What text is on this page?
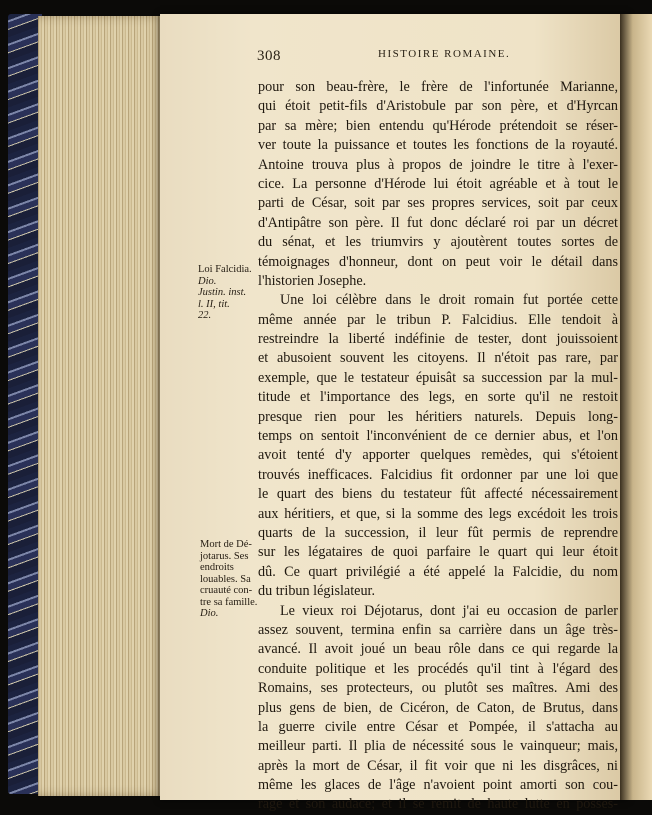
308	HISTOIRE ROMAINE.
pour son beau-frère, le frère de l'infortunée Marianne,
qui étoit petit-fils d'Aristobule par son père, et d'Hyrcan
par sa mère; bien entendu qu'Hérode prétendoit se réser-
ver toute la puissance et toutes les fonctions de la royauté.
Antoine trouva plus à propos de joindre le titre à l'exer-
cice. La personne d'Hérode lui étoit agréable et à tout le
parti de César, soit par ses propres services, soit par ceux
d'Antipâtre son père. Il fut donc déclaré roi par un décret
du sénat, et les triumvirs y ajoutèrent toutes sortes de
témoignages d'honneur, dont on peut voir le détail dans
l'historien Josephe.
Une loi célèbre dans le droit romain fut portée cette
même année par le tribun P. Falcidius. Elle tendoit à
restreindre la liberté indéfinie de tester, dont jouissoient
et abusoient souvent les citoyens. Il n'étoit pas rare, par
exemple, que le testateur épuisât sa succession par la mul-
titude et l'importance des legs, en sorte qu'il ne restoit
presque rien pour les héritiers naturels. Depuis long-
temps on sentoit l'inconvénient de ce dernier abus, et l'on
avoit tenté d'y apporter quelques remèdes, qui s'étoient
trouvés inefficaces. Falcidius fit ordonner par une loi que
le quart des biens du testateur fût affecté nécessairement
aux héritiers, et que, si la somme des legs excédoit les trois
quarts de la succession, il leur fût permis de reprendre
sur les légataires de quoi parfaire le quart qui leur étoit
dû. Ce quart privilégié a été appelé la Falcidie, du nom
du tribun législateur.
Le vieux roi Déjotarus, dont j'ai eu occasion de parler
assez souvent, termina enfin sa carrière dans un âge très-
avancé. Il avoit joué un beau rôle dans ce qui regarde la
conduite politique et les procédés qu'il tint à l'égard des
Romains, ses protecteurs, ou plutôt ses maîtres. Ami des
plus gens de bien, de Cicéron, de Caton, de Brutus, dans
la guerre civile entre César et Pompée, il s'attacha au
meilleur parti. Il plia de nécessité sous le vainqueur; mais,
après la mort de César, il fit voir que ni les disgrâces, ni
même les glaces de l'âge n'avoient point amorti son cou-
rage et son audace; et il se remit de haute lutte en posses-
Loi Falcidia.
Dio.
Justin. inst.
l. II, tit.
22.
Mort de Dé-
jotarus. Ses
endroits
louables. Sa
cruauté con-
tre sa famille.
Dio.
